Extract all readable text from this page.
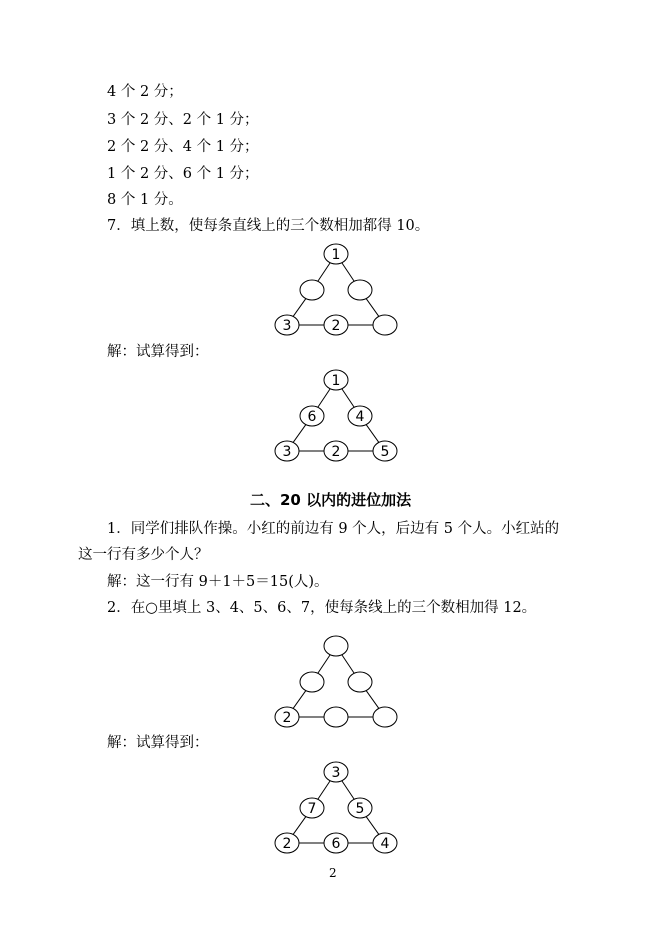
4 个 2 分；
3 个 2 分、2 个 1 分；
2 个 2 分、4 个 1 分；
1 个 2 分、6 个 1 分；
8 个 1 分。
7．填上数，使每条直线上的三个数相加都得 10。
1
3	2
解：试算得到：
1
6	4
3	2	5
二、20 以内的进位加法
1．同学们排队作操。小红的前边有 9 个人，后边有 5 个人。小红站的
这一行有多少个人？
解：这一行有 9＋1＋5＝15(人)。
2．在○里填上 3、4、5、6、7，使每条线上的三个数相加得 12。
2
解：试算得到：
3
7	5
2	6	4
2
